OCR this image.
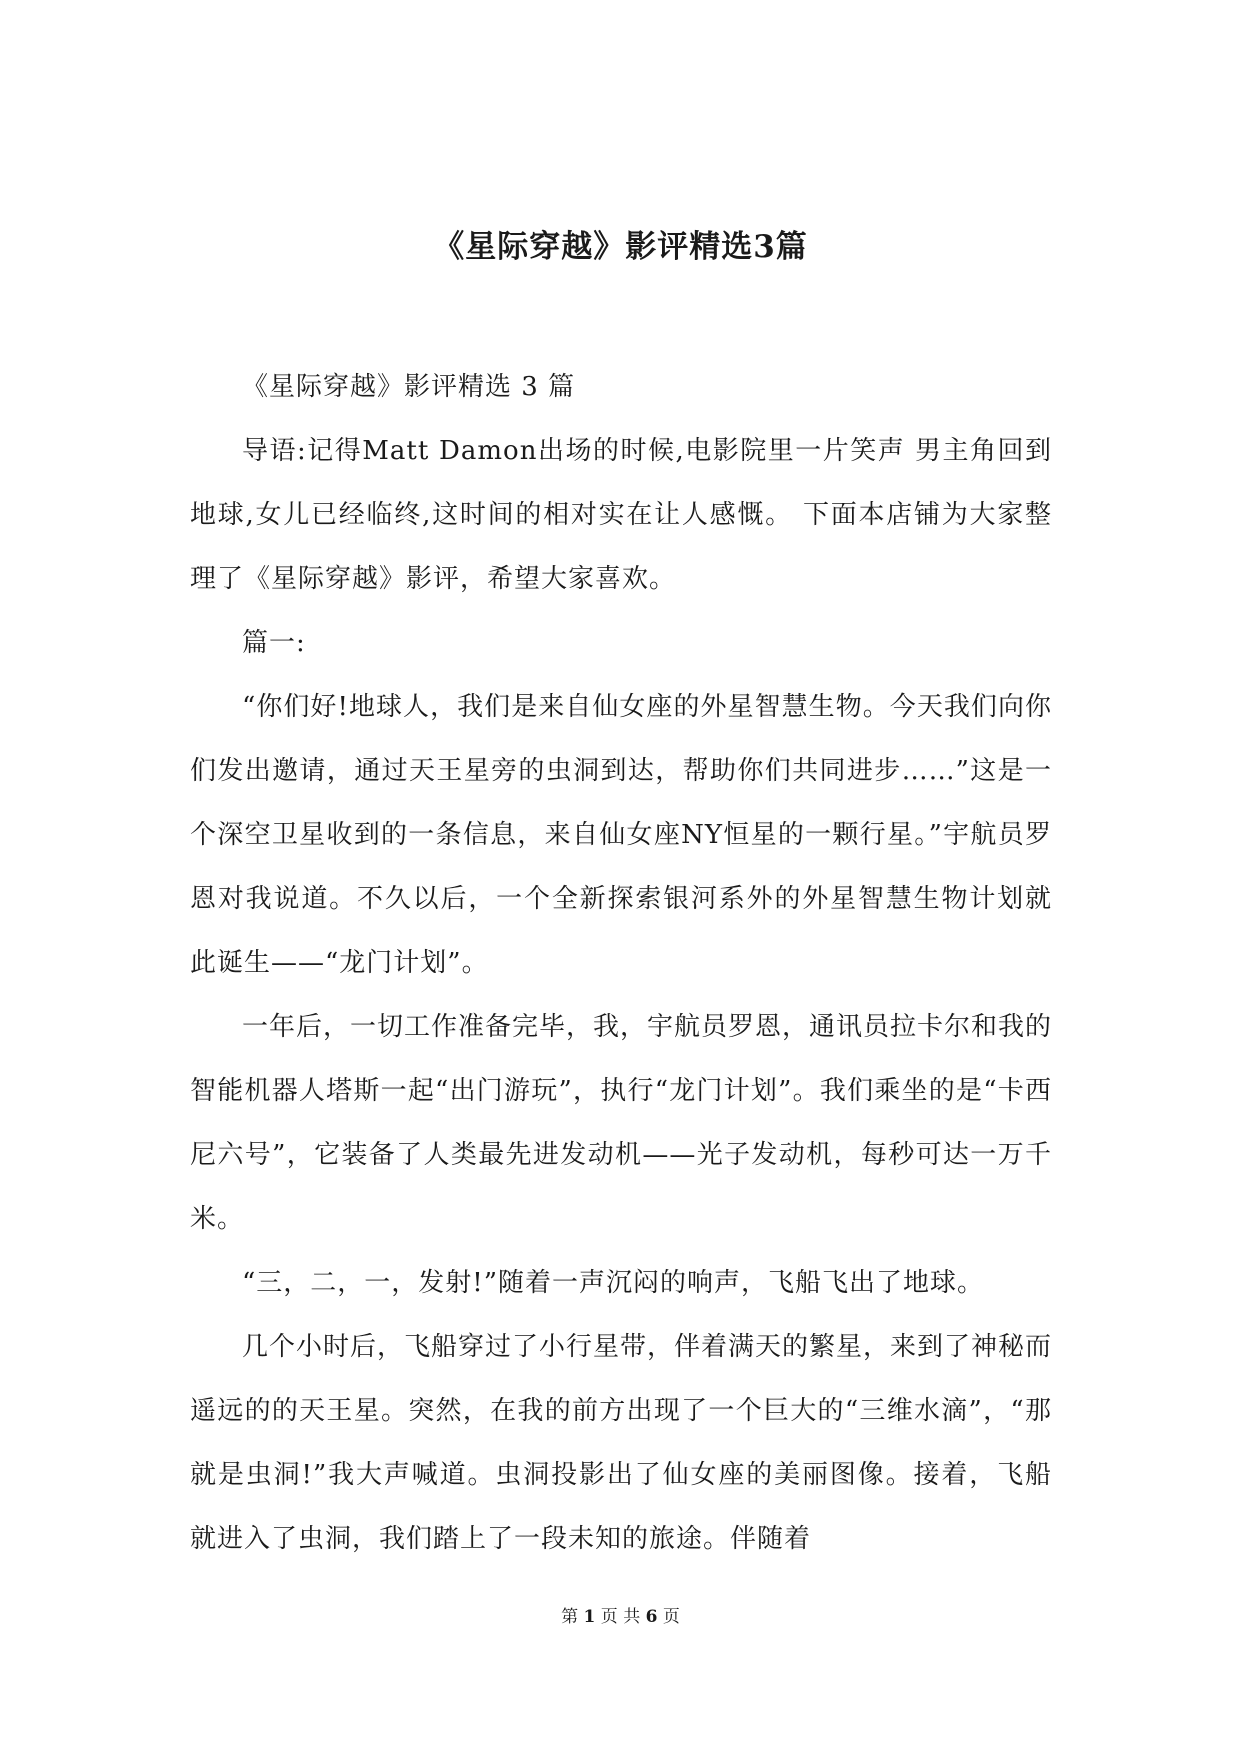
《星际穿越》影评精选3篇

《星际穿越》影评精选 3 篇

导语:记得Matt Damon出场的时候,电影院里一片笑声 男主角回到地球,女儿已经临终,这时间的相对实在让人感慨。 下面本店铺为大家整理了《星际穿越》影评，希望大家喜欢。

篇一:

“你们好!地球人，我们是来自仙女座的外星智慧生物。今天我们向你们发出邀请，通过天王星旁的虫洞到达，帮助你们共同进步……”这是一个深空卫星收到的一条信息，来自仙女座NY恒星的一颗行星。”宇航员罗恩对我说道。不久以后，一个全新探索银河系外的外星智慧生物计划就此诞生——“龙门计划”。

一年后，一切工作准备完毕，我，宇航员罗恩，通讯员拉卡尔和我的智能机器人塔斯一起“出门游玩”，执行“龙门计划”。我们乘坐的是“卡西尼六号”，它装备了人类最先进发动机——光子发动机，每秒可达一万千米。

“三，二，一，发射!”随着一声沉闷的响声，飞船飞出了地球。

几个小时后，飞船穿过了小行星带，伴着满天的繁星，来到了神秘而遥远的的天王星。突然，在我的前方出现了一个巨大的“三维水滴”，“那就是虫洞!”我大声喊道。虫洞投影出了仙女座的美丽图像。接着，飞船就进入了虫洞，我们踏上了一段未知的旅途。伴随着

第 1 页 共 6 页
